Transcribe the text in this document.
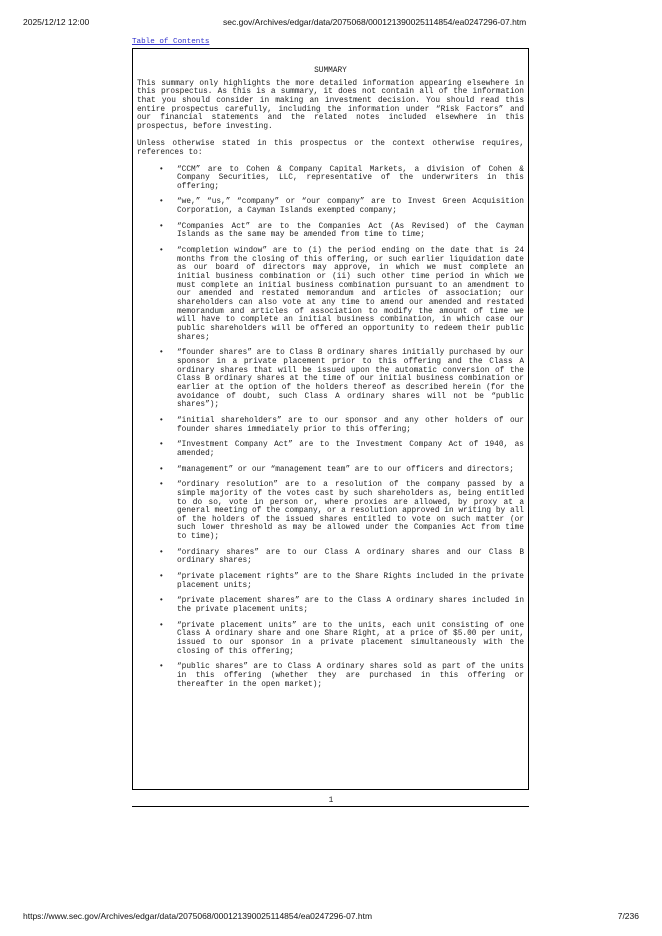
2025/12/12 12:00	sec.gov/Archives/edgar/data/2075068/000121390025114854/ea0247296-07.htm
Table of Contents
SUMMARY

This summary only highlights the more detailed information appearing elsewhere in this prospectus. As this is a summary, it does not contain all of the information that you should consider in making an investment decision. You should read this entire prospectus carefully, including the information under “Risk Factors” and our financial statements and the related notes included elsewhere in this prospectus, before investing.

Unless otherwise stated in this prospectus or the context otherwise requires, references to:

• “CCM” are to Cohen & Company Capital Markets, a division of Cohen & Company Securities, LLC, representative of the underwriters in this offering;
• “we,” “us,” “company” or “our company” are to Invest Green Acquisition Corporation, a Cayman Islands exempted company;
• “Companies Act” are to the Companies Act (As Revised) of the Cayman Islands as the same may be amended from time to time;
• “completion window” are to (i) the period ending on the date that is 24 months from the closing of this offering, or such earlier liquidation date as our board of directors may approve, in which we must complete an initial business combination or (ii) such other time period in which we must complete an initial business combination pursuant to an amendment to our amended and restated memorandum and articles of association; our shareholders can also vote at any time to amend our amended and restated memorandum and articles of association to modify the amount of time we will have to complete an initial business combination, in which case our public shareholders will be offered an opportunity to redeem their public shares;
• “founder shares” are to Class B ordinary shares initially purchased by our sponsor in a private placement prior to this offering and the Class A ordinary shares that will be issued upon the automatic conversion of the Class B ordinary shares at the time of our initial business combination or earlier at the option of the holders thereof as described herein (for the avoidance of doubt, such Class A ordinary shares will not be “public shares”);
• “initial shareholders” are to our sponsor and any other holders of our founder shares immediately prior to this offering;
• “Investment Company Act” are to the Investment Company Act of 1940, as amended;
• “management” or our “management team” are to our officers and directors;
• “ordinary resolution” are to a resolution of the company passed by a simple majority of the votes cast by such shareholders as, being entitled to do so, vote in person or, where proxies are allowed, by proxy at a general meeting of the company, or a resolution approved in writing by all of the holders of the issued shares entitled to vote on such matter (or such lower threshold as may be allowed under the Companies Act from time to time);
• “ordinary shares” are to our Class A ordinary shares and our Class B ordinary shares;
• “private placement rights” are to the Share Rights included in the private placement units;
• “private placement shares” are to the Class A ordinary shares included in the private placement units;
• “private placement units” are to the units, each unit consisting of one Class A ordinary share and one Share Right, at a price of $5.00 per unit, issued to our sponsor in a private placement simultaneously with the closing of this offering;
• “public shares” are to Class A ordinary shares sold as part of the units in this offering (whether they are purchased in this offering or thereafter in the open market);
1
https://www.sec.gov/Archives/edgar/data/2075068/000121390025114854/ea0247296-07.htm	7/236
